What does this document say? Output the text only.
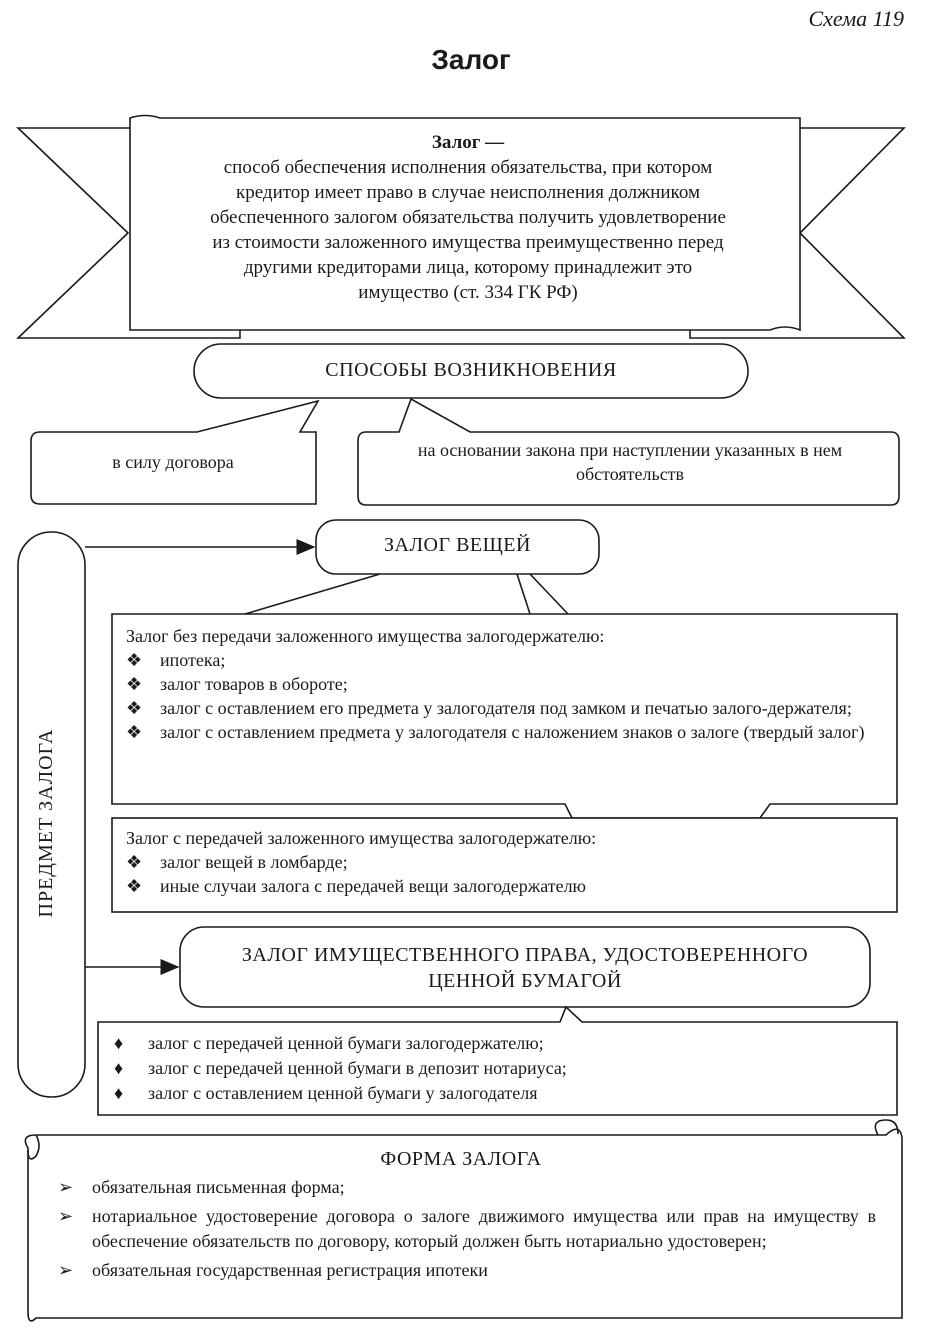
Схема 119
Залог
Залог —
способ обеспечения исполнения обязательства, при котором
кредитор имеет право в случае неисполнения должником
обеспеченного залогом обязательства получить удовлетворение
из стоимости заложенного имущества преимущественно перед
другими кредиторами лица, которому принадлежит это
имущество (ст. 334 ГК РФ)
СПОСОБЫ ВОЗНИКНОВЕНИЯ
в силу договора
на основании закона при наступлении указанных в нем обстоятельств
ПРЕДМЕТ ЗАЛОГА
ЗАЛОГ ВЕЩЕЙ
Залог без передачи заложенного имущества залогодержателю:
❖ ипотека;
❖ залог товаров в обороте;
❖ залог с оставлением его предмета у залогодателя под замком и печатью залого-держателя;
❖ залог с оставлением предмета у залогодателя с наложением знаков о залоге (твердый залог)
Залог с передачей заложенного имущества залогодержателю:
❖ залог вещей в ломбарде;
❖ иные случаи залога с передачей вещи залогодержателю
ЗАЛОГ ИМУЩЕСТВЕННОГО ПРАВА, УДОСТОВЕРЕННОГО ЦЕННОЙ БУМАГОЙ
♦ залог с передачей ценной бумаги залогодержателю;
♦ залог с передачей ценной бумаги в депозит нотариуса;
♦ залог с оставлением ценной бумаги у залогодателя
ФОРМА ЗАЛОГА
➢ обязательная письменная форма;
➢ нотариальное удостоверение договора о залоге движимого имущества или прав на имуществу в обеспечение обязательств по договору, который должен быть нотариально удостоверен;
➢ обязательная государственная регистрация ипотеки
